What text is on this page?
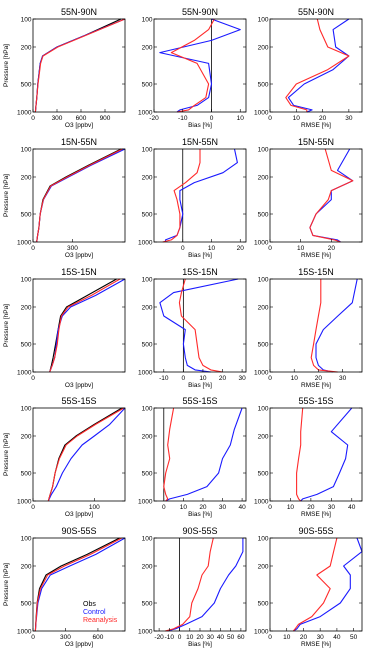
55N-90N
100
200
500
1000
0	300 600 900
O3 [ppbv]
Pressure [hPa]
55N-90N
100
200
500
1000
-20	-10	0	10
Bias [%]
55N-90N
100
200
500
1000
0	10	20	30
RMSE [%]
15N-55N
100
200
500
1000
0	300
O3 [ppbv]
Pressure [hPa]
15N-55N
100
200
500
1000
0	10	20
Bias [%]
15N-55N
100
200
500
1000
0	10	20
RMSE [%]
15S-15N
100
200
500
1000
0
O3 [ppbv]
Pressure [hPa]
15S-15N
100
200
500
1000
-10 0 10 20 30
Bias [%]
15S-15N
100
200
500
1000
0	10	20	30
RMSE [%]
55S-15S
100
200
500
1000
0	100
O3 [ppbv]
Pressure [hPa]
55S-15S
100
200
500
1000
0 10 20 30 40
Bias [%]
55S-15S
100
200
500
1000
0 10 20 30 40
RMSE [%]
90S-55S
100
200
500
1000
0	300	600
O3 [ppbv]
Pressure [hPa]
90S-55S
100
200
500
1000
-20 -10 0 10 20 30 40 50 60
Bias [%]
90S-55S
100
200
500
1000
0 10 20 30 40 50
RMSE [%]
Obs
Control
Reanalysis
